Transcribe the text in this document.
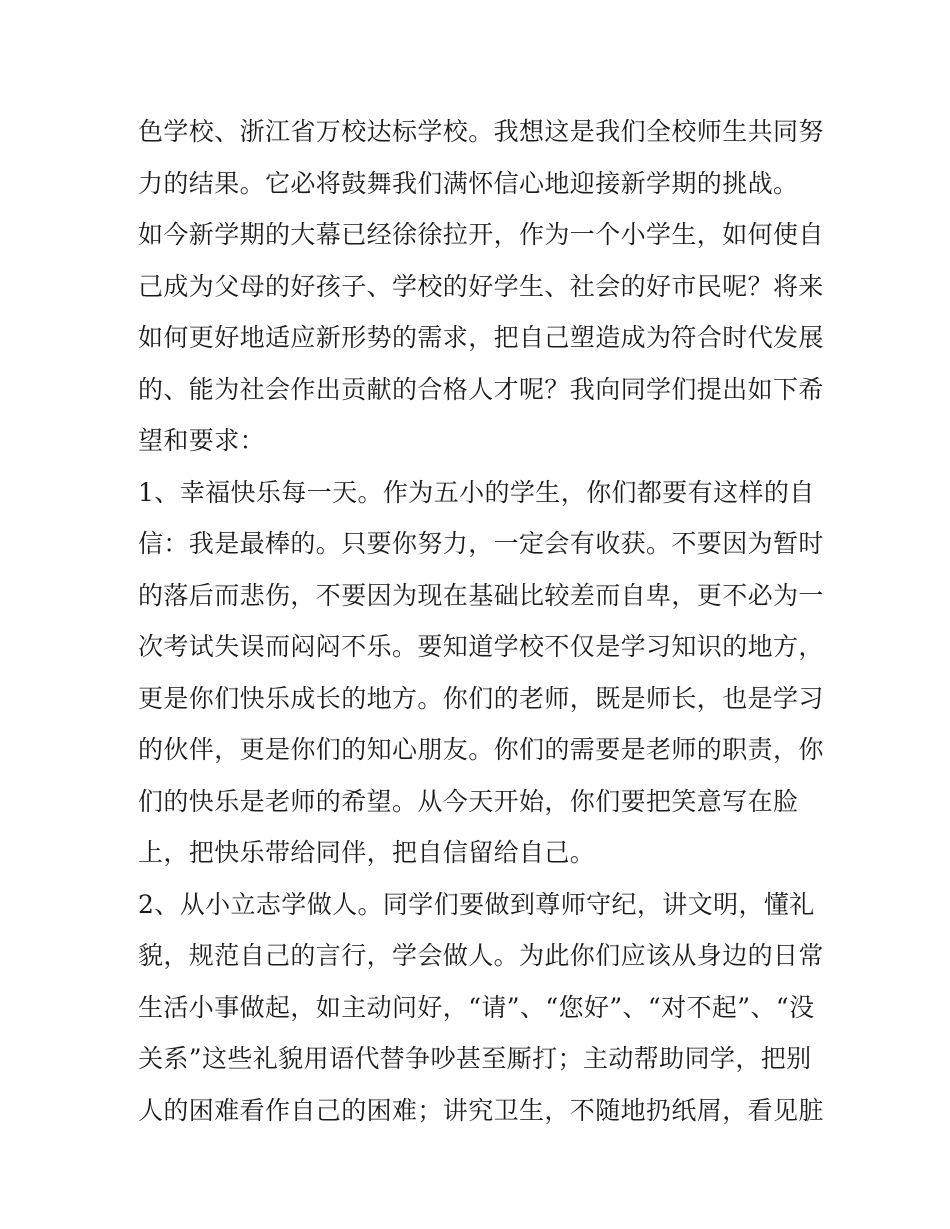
色学校、浙江省万校达标学校。我想这是我们全校师生共同努
力的结果。它必将鼓舞我们满怀信心地迎接新学期的挑战。
如今新学期的大幕已经徐徐拉开，作为一个小学生，如何使自
己成为父母的好孩子、学校的好学生、社会的好市民呢？将来
如何更好地适应新形势的需求，把自己塑造成为符合时代发展
的、能为社会作出贡献的合格人才呢？我向同学们提出如下希
望和要求：
1、幸福快乐每一天。作为五小的学生，你们都要有这样的自
信：我是最棒的。只要你努力，一定会有收获。不要因为暂时
的落后而悲伤，不要因为现在基础比较差而自卑，更不必为一
次考试失误而闷闷不乐。要知道学校不仅是学习知识的地方，
更是你们快乐成长的地方。你们的老师，既是师长，也是学习
的伙伴，更是你们的知心朋友。你们的需要是老师的职责，你
们的快乐是老师的希望。从今天开始，你们要把笑意写在脸
上，把快乐带给同伴，把自信留给自己。
2、从小立志学做人。同学们要做到尊师守纪，讲文明，懂礼
貌，规范自己的言行，学会做人。为此你们应该从身边的日常
生活小事做起，如主动问好，“请”、“您好”、“对不起”、“没
关系”这些礼貌用语代替争吵甚至厮打；主动帮助同学，把别
人的困难看作自己的困难；讲究卫生，不随地扔纸屑，看见脏
